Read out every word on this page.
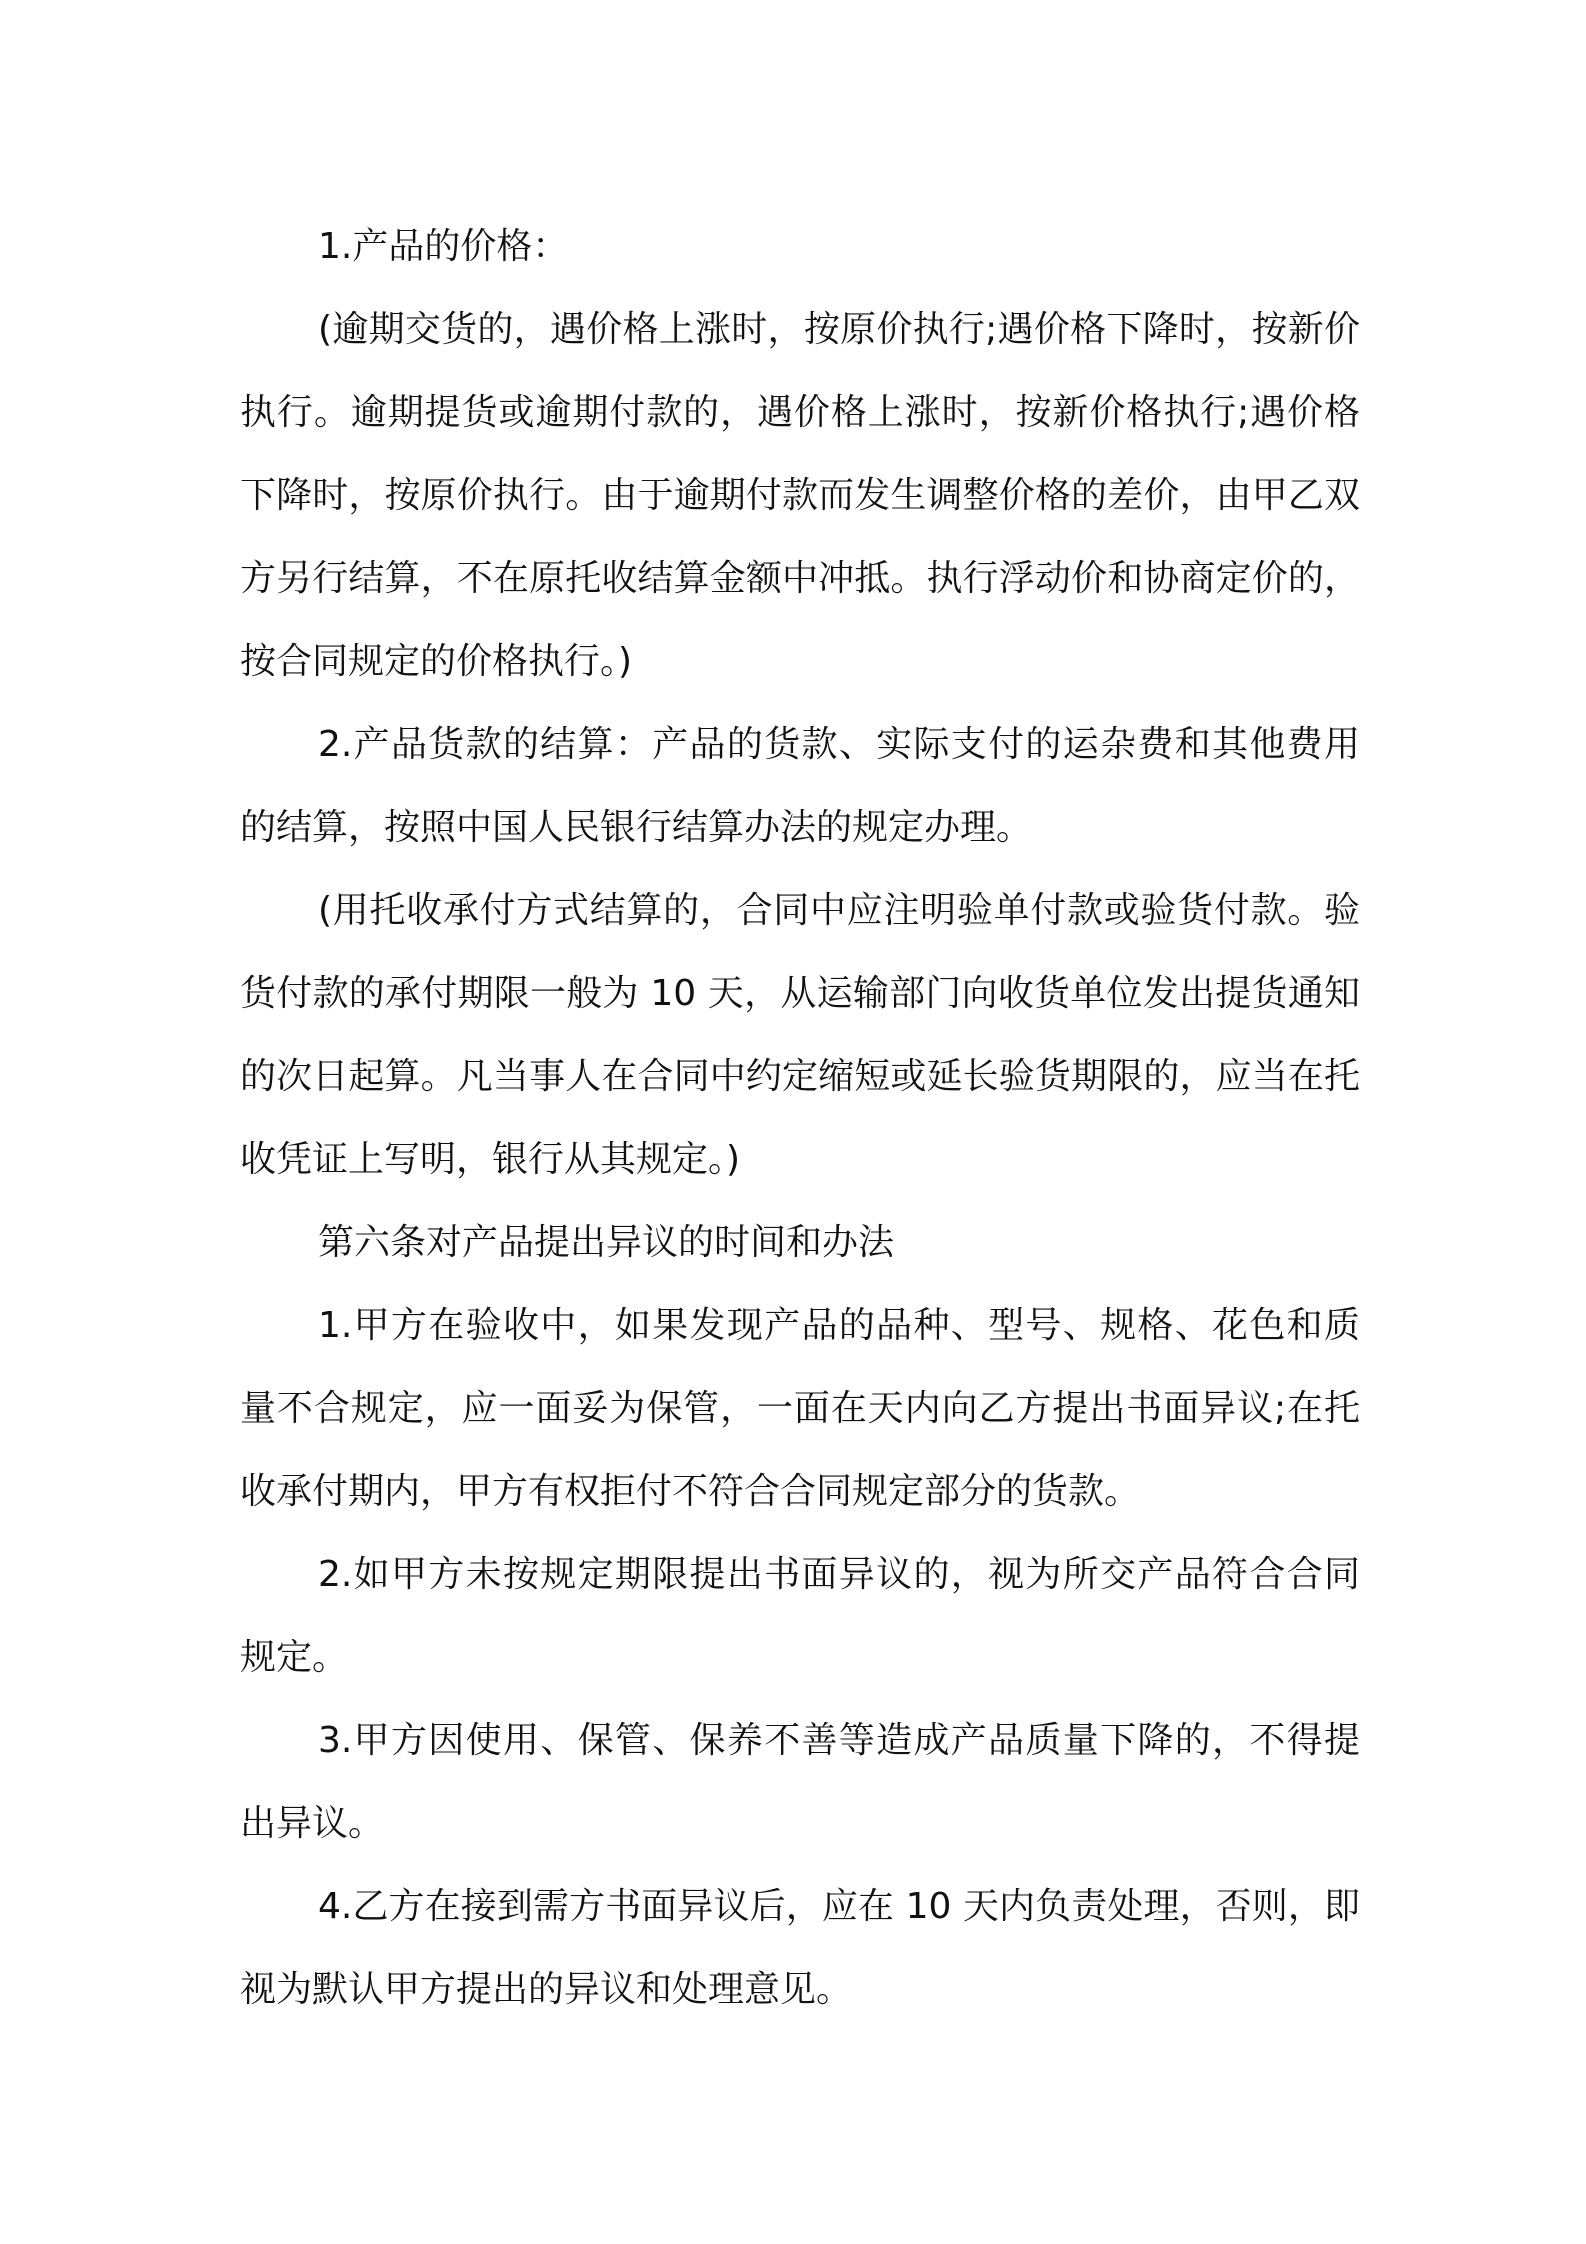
1.产品的价格：

(逾期交货的，遇价格上涨时，按原价执行;遇价格下降时，按新价执行。逾期提货或逾期付款的，遇价格上涨时，按新价格执行;遇价格下降时，按原价执行。由于逾期付款而发生调整价格的差价，由甲乙双方另行结算，不在原托收结算金额中冲抵。执行浮动价和协商定价的，按合同规定的价格执行。)

2.产品货款的结算：产品的货款、实际支付的运杂费和其他费用的结算，按照中国人民银行结算办法的规定办理。

(用托收承付方式结算的，合同中应注明验单付款或验货付款。验货付款的承付期限一般为 10 天，从运输部门向收货单位发出提货通知的次日起算。凡当事人在合同中约定缩短或延长验货期限的，应当在托收凭证上写明，银行从其规定。)

第六条对产品提出异议的时间和办法

1.甲方在验收中，如果发现产品的品种、型号、规格、花色和质量不合规定，应一面妥为保管，一面在天内向乙方提出书面异议;在托收承付期内，甲方有权拒付不符合合同规定部分的货款。

2.如甲方未按规定期限提出书面异议的，视为所交产品符合合同规定。

3.甲方因使用、保管、保养不善等造成产品质量下降的，不得提出异议。

4.乙方在接到需方书面异议后，应在 10 天内负责处理，否则，即视为默认甲方提出的异议和处理意见。
